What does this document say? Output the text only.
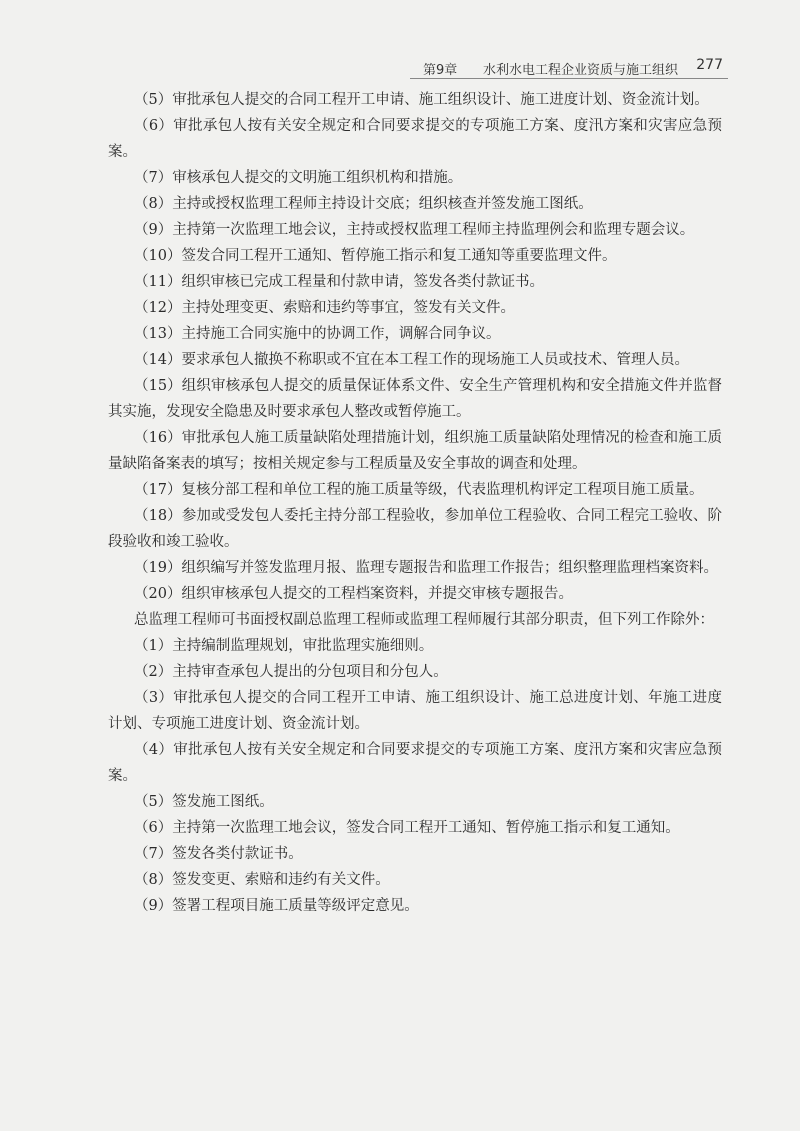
第9章 水利水电工程企业资质与施工组织 277

（5）审批承包人提交的合同工程开工申请、施工组织设计、施工进度计划、资金流计划。

（6）审批承包人按有关安全规定和合同要求提交的专项施工方案、度汛方案和灾害应急预案。

（7）审核承包人提交的文明施工组织机构和措施。

（8）主持或授权监理工程师主持设计交底；组织核查并签发施工图纸。

（9）主持第一次监理工地会议，主持或授权监理工程师主持监理例会和监理专题会议。

（10）签发合同工程开工通知、暂停施工指示和复工通知等重要监理文件。

（11）组织审核已完成工程量和付款申请，签发各类付款证书。

（12）主持处理变更、索赔和违约等事宜，签发有关文件。

（13）主持施工合同实施中的协调工作，调解合同争议。

（14）要求承包人撤换不称职或不宜在本工程工作的现场施工人员或技术、管理人员。

（15）组织审核承包人提交的质量保证体系文件、安全生产管理机构和安全措施文件并监督其实施，发现安全隐患及时要求承包人整改或暂停施工。

（16）审批承包人施工质量缺陷处理措施计划，组织施工质量缺陷处理情况的检查和施工质量缺陷备案表的填写；按相关规定参与工程质量及安全事故的调查和处理。

（17）复核分部工程和单位工程的施工质量等级，代表监理机构评定工程项目施工质量。

（18）参加或受发包人委托主持分部工程验收，参加单位工程验收、合同工程完工验收、阶段验收和竣工验收。

（19）组织编写并签发监理月报、监理专题报告和监理工作报告；组织整理监理档案资料。

（20）组织审核承包人提交的工程档案资料，并提交审核专题报告。

总监理工程师可书面授权副总监理工程师或监理工程师履行其部分职责，但下列工作除外：

（1）主持编制监理规划，审批监理实施细则。

（2）主持审查承包人提出的分包项目和分包人。

（3）审批承包人提交的合同工程开工申请、施工组织设计、施工总进度计划、年施工进度计划、专项施工进度计划、资金流计划。

（4）审批承包人按有关安全规定和合同要求提交的专项施工方案、度汛方案和灾害应急预案。

（5）签发施工图纸。

（6）主持第一次监理工地会议，签发合同工程开工通知、暂停施工指示和复工通知。

（7）签发各类付款证书。

（8）签发变更、索赔和违约有关文件。

（9）签署工程项目施工质量等级评定意见。
